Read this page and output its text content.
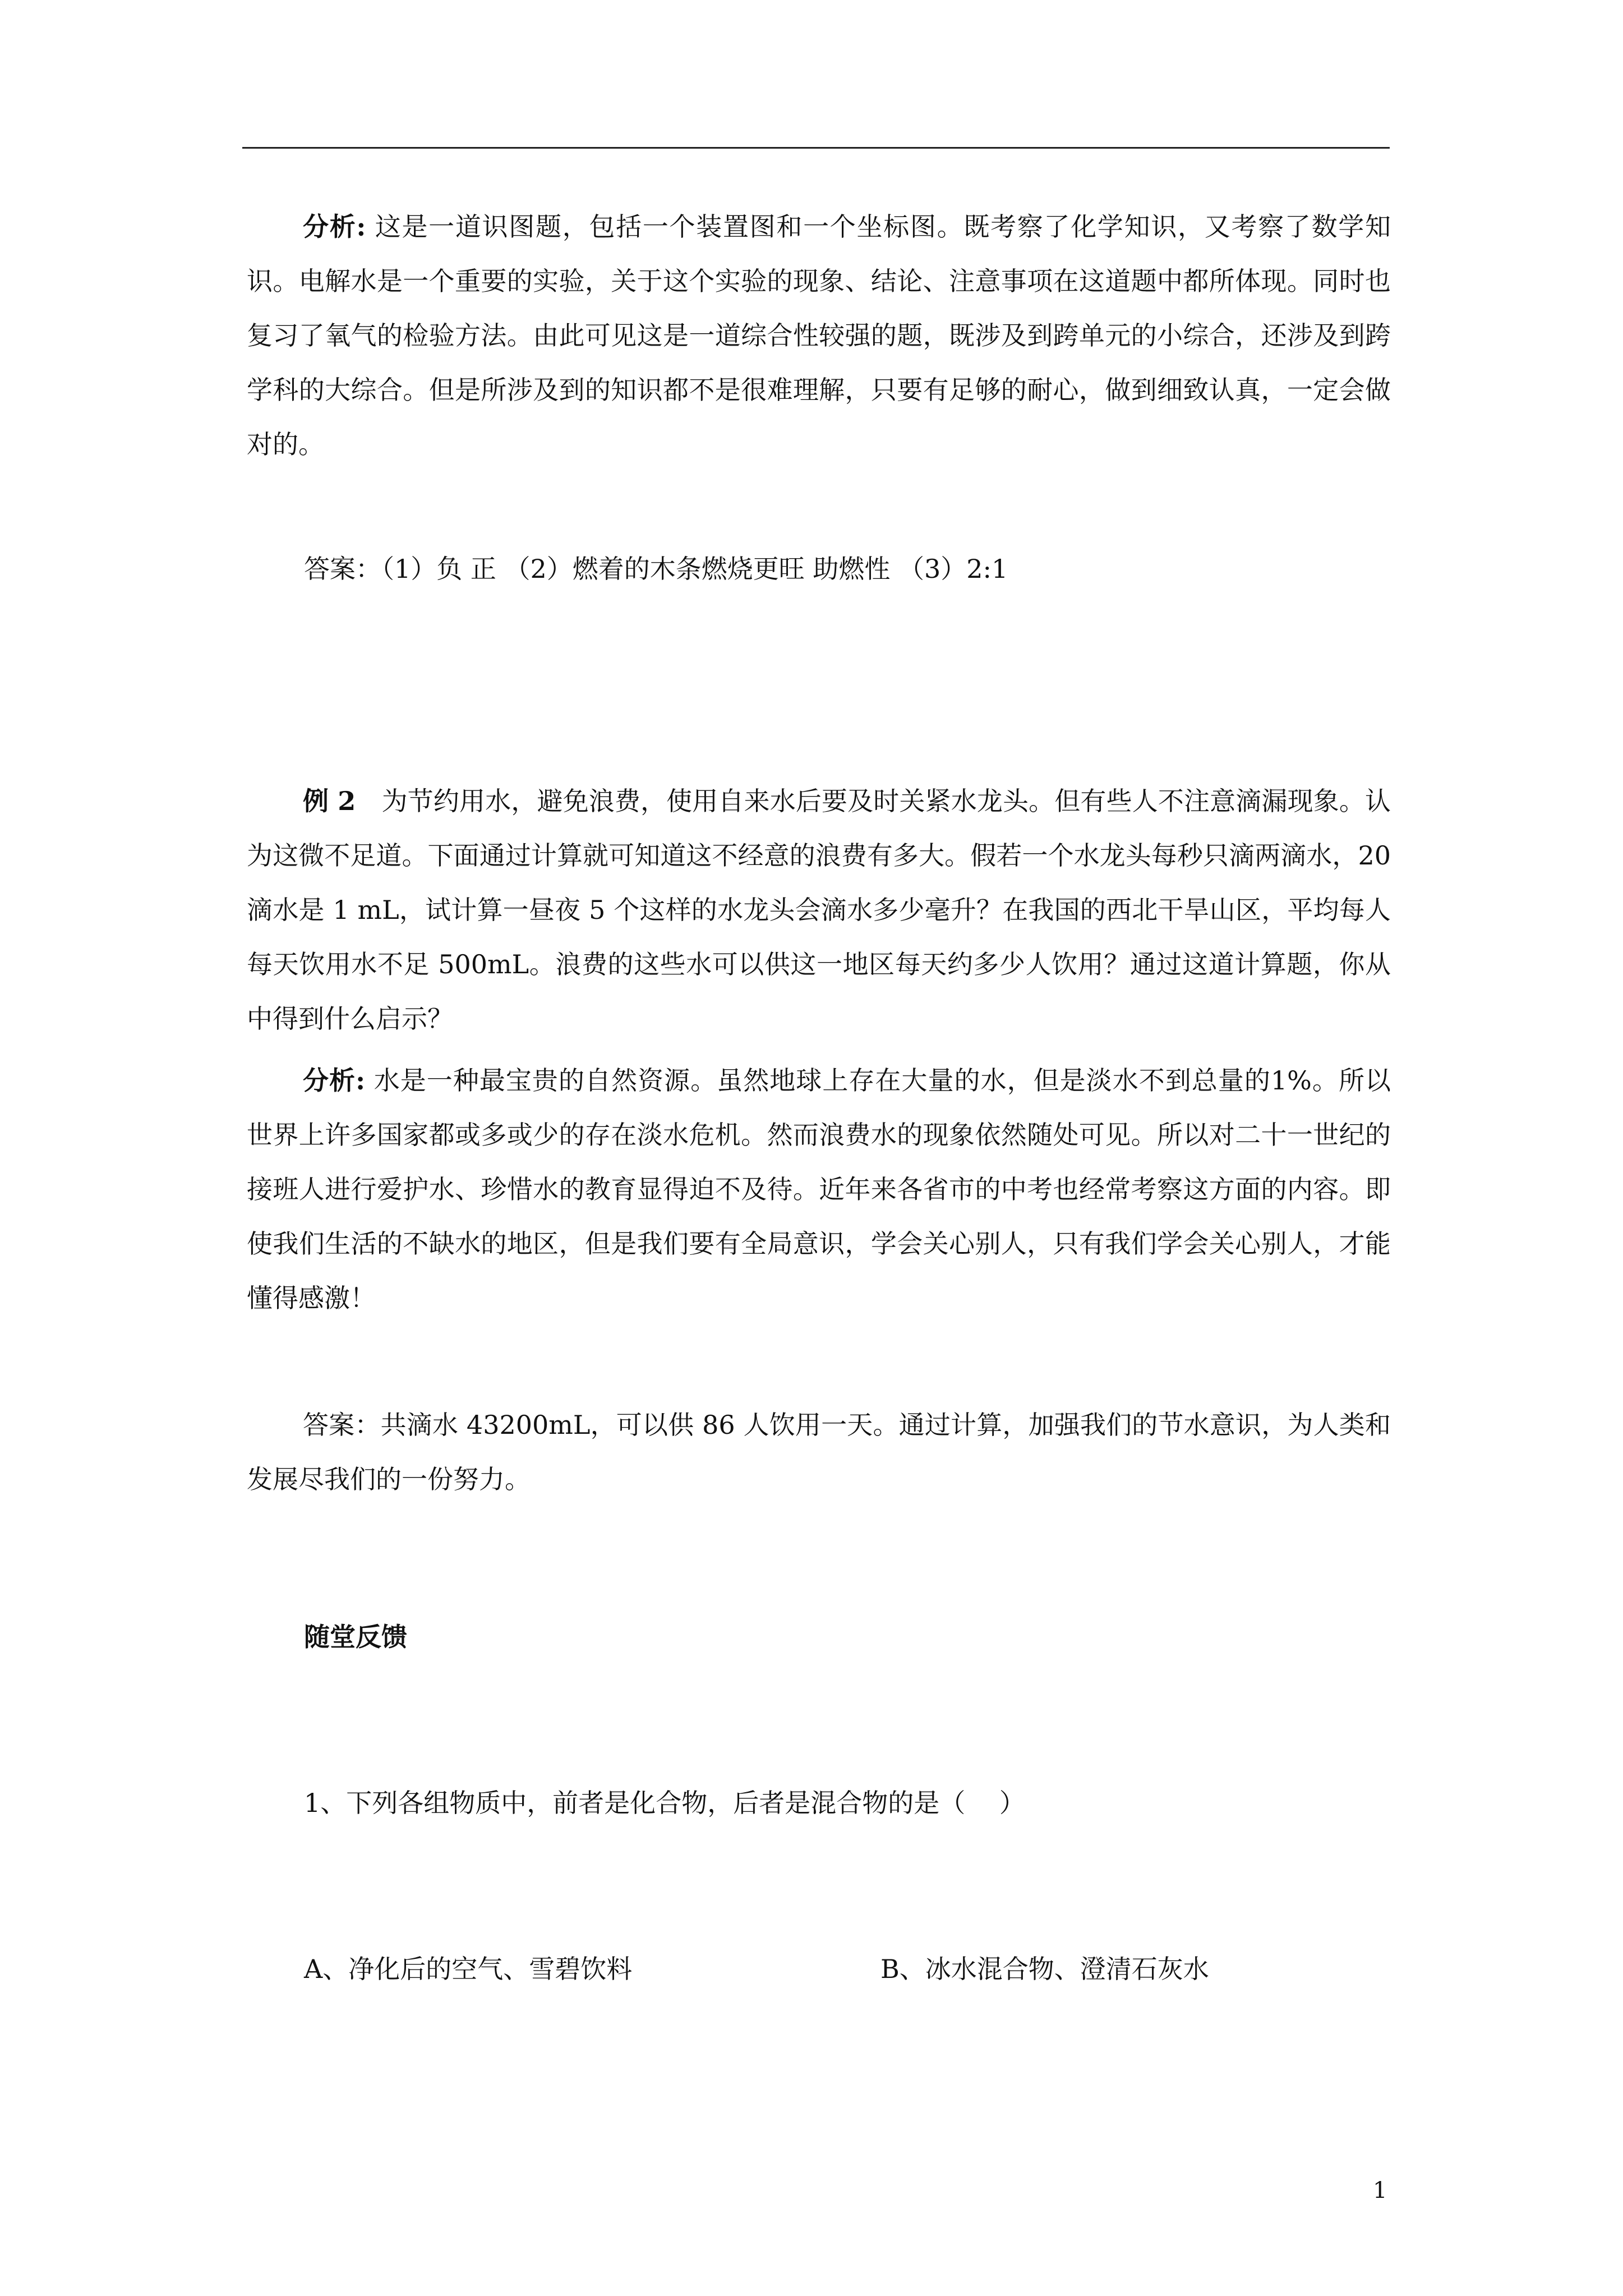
分析: 这是一道识图题，包括一个装置图和一个坐标图。既考察了化学知识，又考察了数学知识。电解水是一个重要的实验，关于这个实验的现象、结论、注意事项在这道题中都所体现。同时也复习了氧气的检验方法。由此可见这是一道综合性较强的题，既涉及到跨单元的小综合，还涉及到跨学科的大综合。但是所涉及到的知识都不是很难理解，只要有足够的耐心，做到细致认真，一定会做对的。

答案：（1）负 正 （2）燃着的木条燃烧更旺 助燃性 （3）2:1

例 2　为节约用水，避免浪费，使用自来水后要及时关紧水龙头。但有些人不注意滴漏现象。认为这微不足道。下面通过计算就可知道这不经意的浪费有多大。假若一个水龙头每秒只滴两滴水，20 滴水是 1 mL，试计算一昼夜 5 个这样的水龙头会滴水多少毫升？在我国的西北干旱山区，平均每人每天饮用水不足 500mL。浪费的这些水可以供这一地区每天约多少人饮用？通过这道计算题，你从中得到什么启示？

分析: 水是一种最宝贵的自然资源。虽然地球上存在大量的水，但是淡水不到总量的1%。所以世界上许多国家都或多或少的存在淡水危机。然而浪费水的现象依然随处可见。所以对二十一世纪的接班人进行爱护水、珍惜水的教育显得迫不及待。近年来各省市的中考也经常考察这方面的内容。即使我们生活的不缺水的地区，但是我们要有全局意识，学会关心别人，只有我们学会关心别人，才能懂得感激！

答案：共滴水 43200mL，可以供 86 人饮用一天。通过计算，加强我们的节水意识，为人类和发展尽我们的一份努力。

随堂反馈

1、下列各组物质中，前者是化合物，后者是混合物的是（　 ）

A、净化后的空气、雪碧饮料	B、冰水混合物、澄清石灰水

1
